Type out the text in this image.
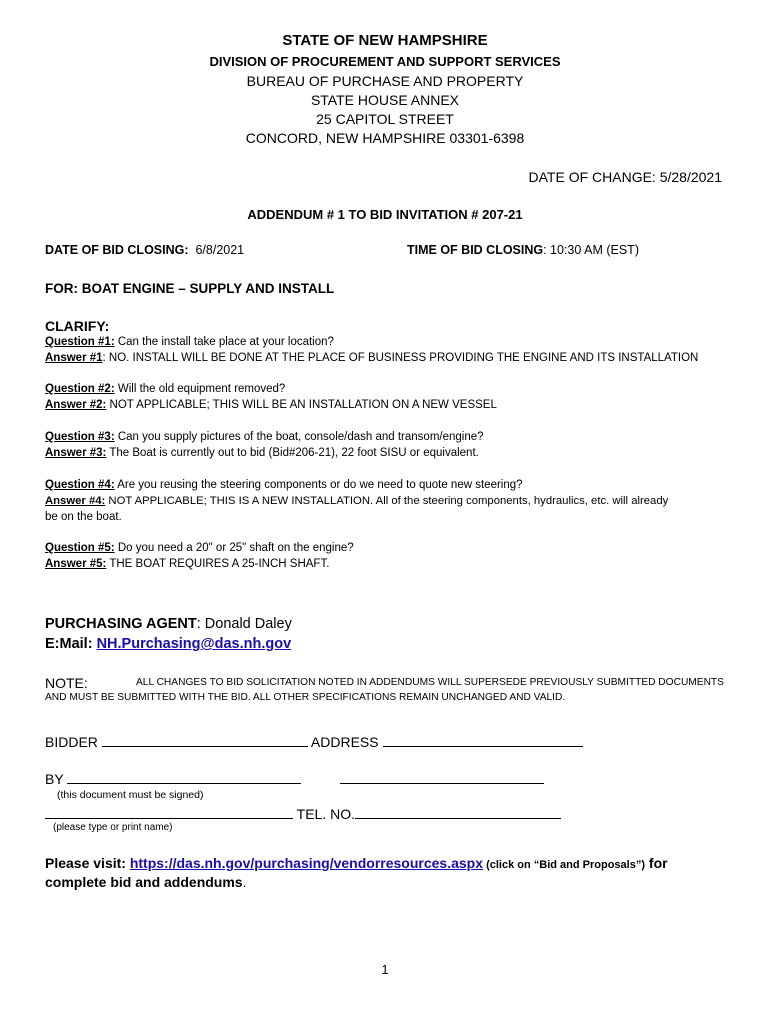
STATE OF NEW HAMPSHIRE
DIVISION OF PROCUREMENT AND SUPPORT SERVICES
BUREAU OF PURCHASE AND PROPERTY
STATE HOUSE ANNEX
25 CAPITOL STREET
CONCORD, NEW HAMPSHIRE 03301-6398
DATE OF CHANGE: 5/28/2021
ADDENDUM # 1 TO BID INVITATION # 207-21
DATE OF BID CLOSING: 6/8/2021	TIME OF BID CLOSING: 10:30 AM (EST)
FOR: BOAT ENGINE – SUPPLY AND INSTALL
CLARIFY:
Question #1: Can the install take place at your location?
Answer #1: NO. INSTALL WILL BE DONE AT THE PLACE OF BUSINESS PROVIDING THE ENGINE AND ITS INSTALLATION
Question #2: Will the old equipment removed?
Answer #2: NOT APPLICABLE; THIS WILL BE AN INSTALLATION ON A NEW VESSEL
Question #3: Can you supply pictures of the boat, console/dash and transom/engine?
Answer #3: The Boat is currently out to bid (Bid#206-21), 22 foot SISU or equivalent.
Question #4: Are you reusing the steering components or do we need to quote new steering?
Answer #4: NOT APPLICABLE; THIS IS A NEW INSTALLATION. All of the steering components, hydraulics, etc. will already
be on the boat.
Question #5: Do you need a 20" or 25" shaft on the engine?
Answer #5: THE BOAT REQUIRES A 25-INCH SHAFT.
PURCHASING AGENT: Donald Daley
E:Mail: NH.Purchasing@das.nh.gov
NOTE:	ALL CHANGES TO BID SOLICITATION NOTED IN ADDENDUMS WILL SUPERSEDE PREVIOUSLY SUBMITTED DOCUMENTS
AND MUST BE SUBMITTED WITH THE BID. ALL OTHER SPECIFICATIONS REMAIN UNCHANGED AND VALID.
BIDDER	ADDRESS
BY
(this document must be signed)
TEL. NO.
(please type or print name)
Please visit: https://das.nh.gov/purchasing/vendorresources.aspx (click on “Bid and Proposals”) for
complete bid and addendums.
1
